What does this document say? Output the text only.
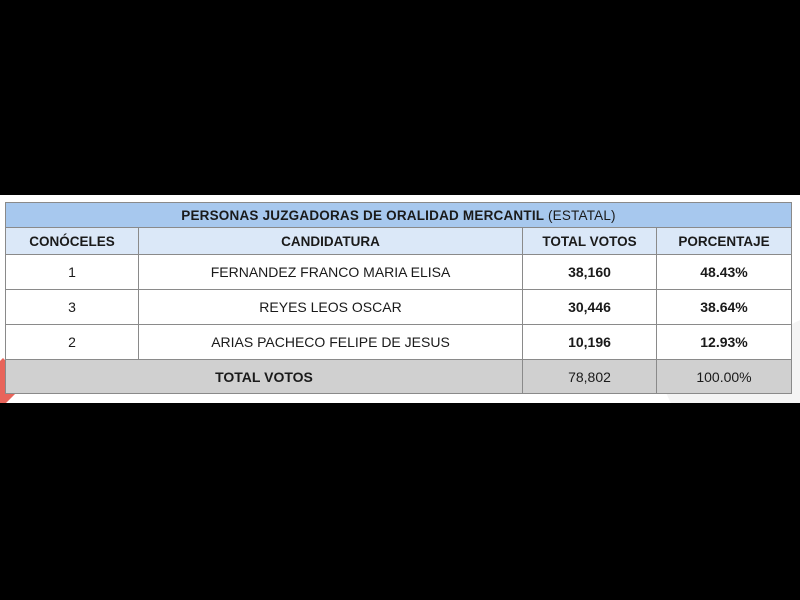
PERSONAS JUZGADORAS DE ORALIDAD MERCANTIL (ESTATAL)			
CONÓCELES	CANDIDATURA	TOTAL VOTOS	PORCENTAJE
1	FERNANDEZ FRANCO MARIA ELISA	38,160	48.43%
3	REYES LEOS OSCAR	30,446	38.64%
2	ARIAS PACHECO FELIPE DE JESUS	10,196	12.93%
TOTAL VOTOS		78,802	100.00%
